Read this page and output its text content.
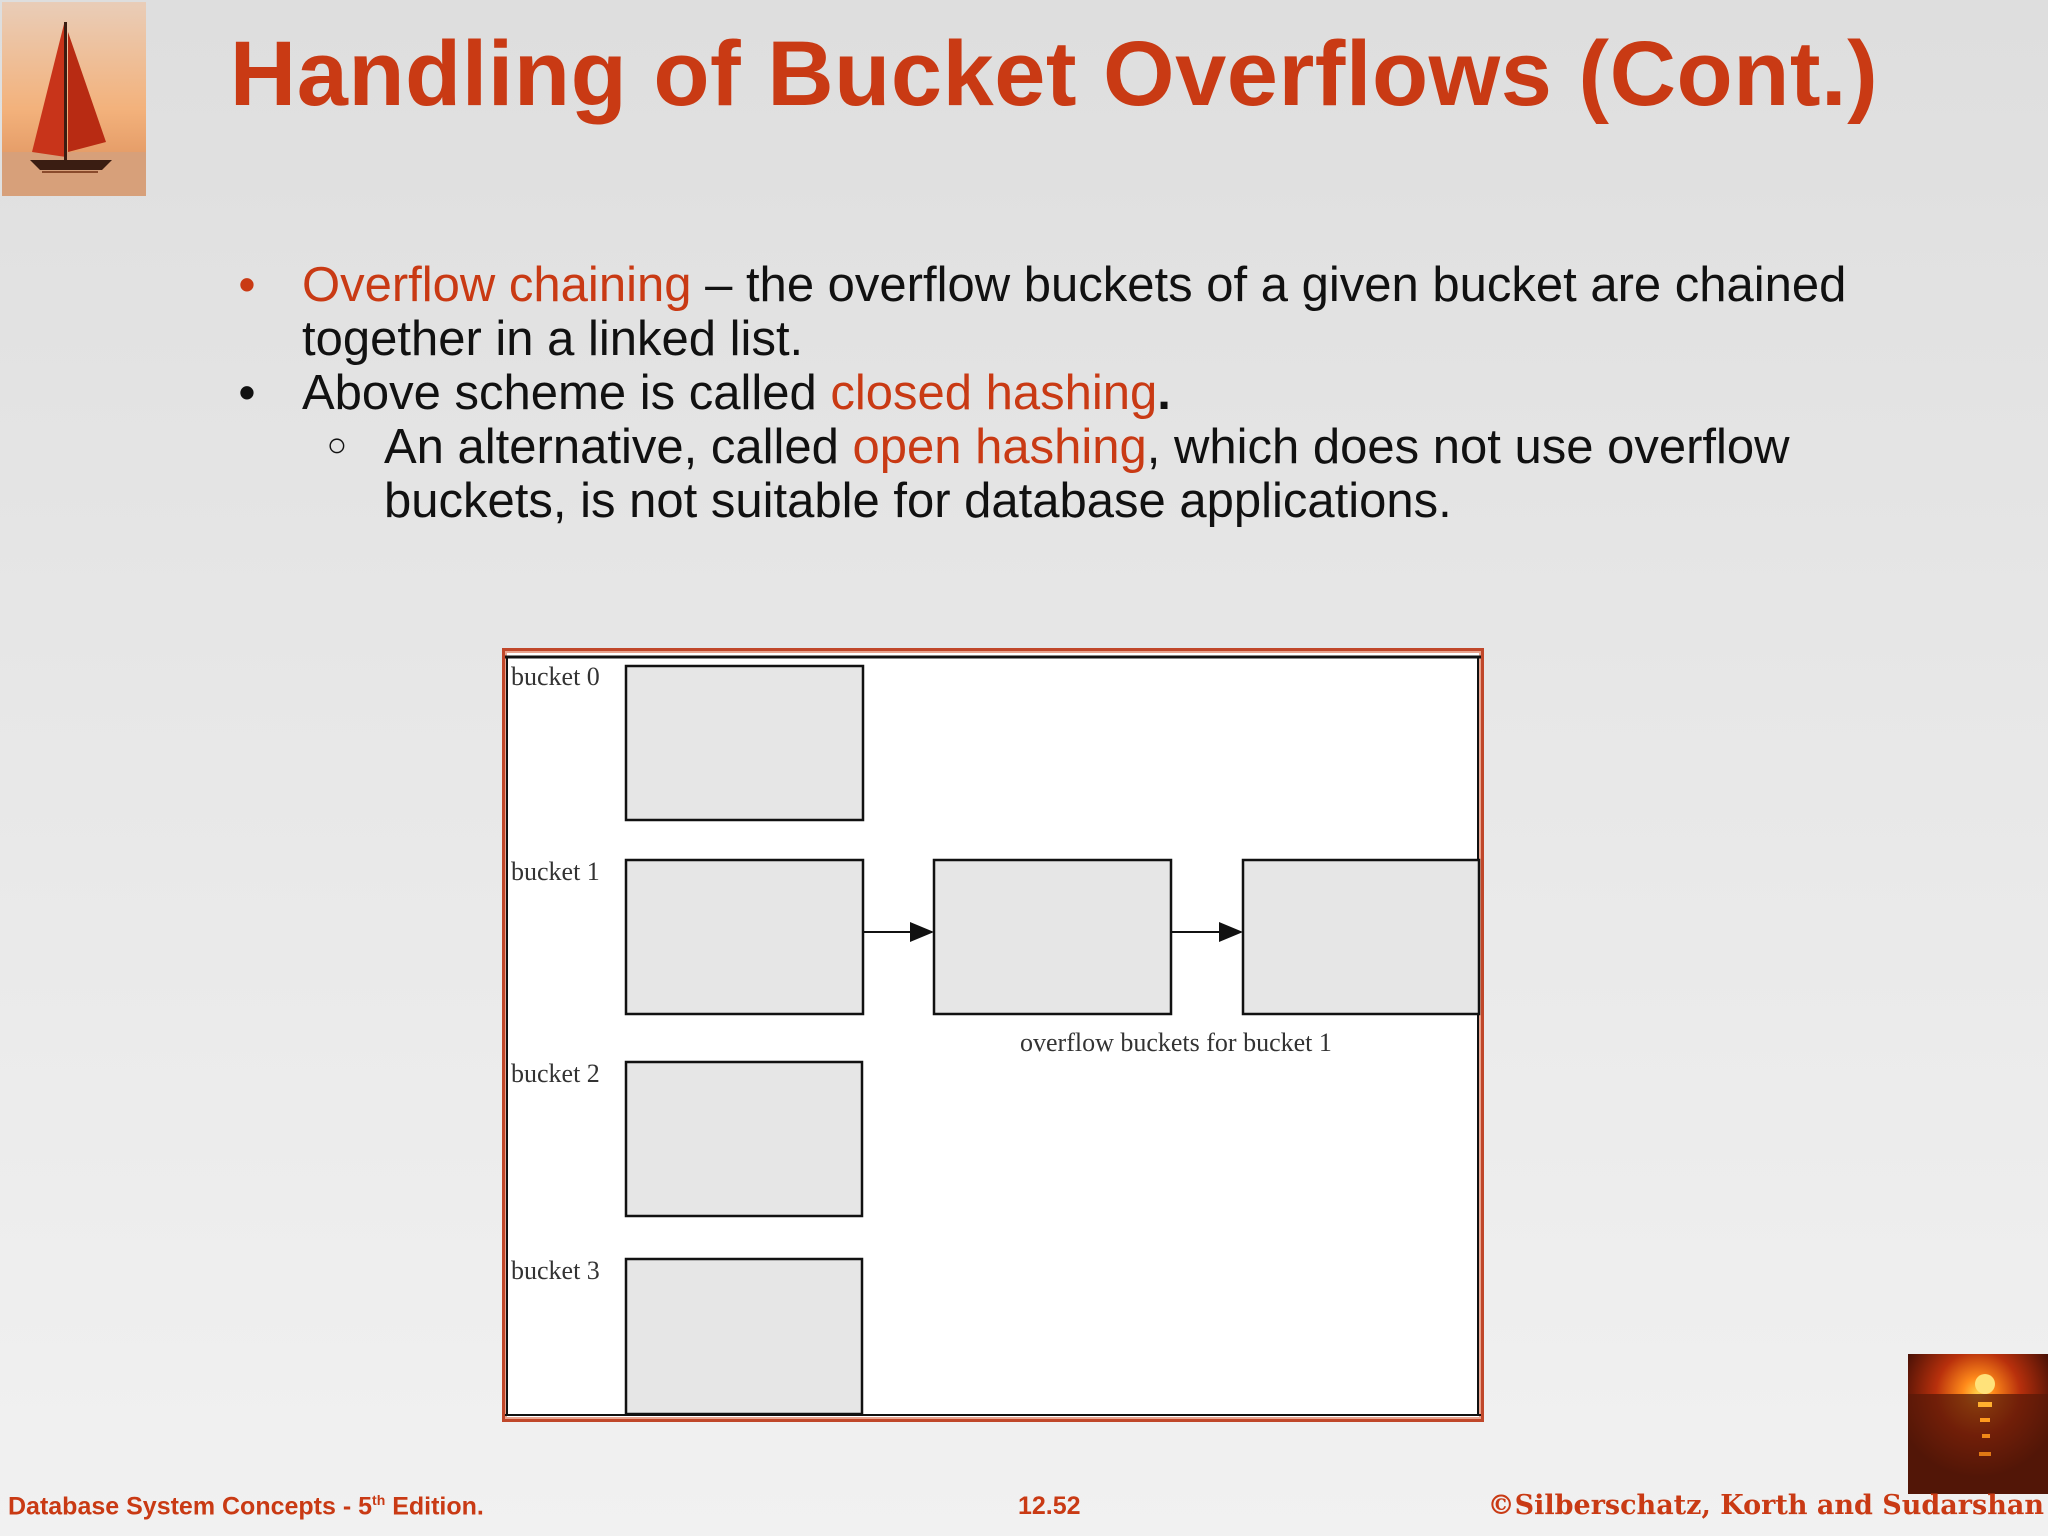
Handling of Bucket Overflows (Cont.)
• Overflow chaining – the overflow buckets of a given bucket are chained
together in a linked list.
• Above scheme is called closed hashing.
○ An alternative, called open hashing, which does not use overflow
buckets, is not suitable for database applications.
bucket 0
bucket 1
bucket 2
bucket 3
overflow buckets for bucket 1
Database System Concepts - 5th Edition.	12.52	©Silberschatz, Korth and Sudarshan
